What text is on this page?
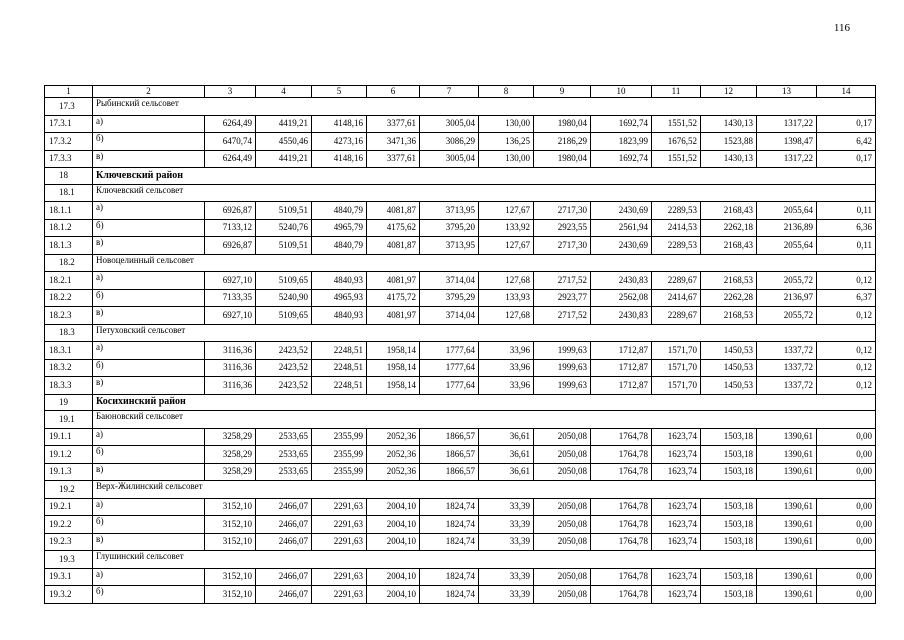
116
1	2	3	4	5	6	7	8	9	10	11	12	13	14
17.3	Рыбинский сельсовет												
17.3.1	а)	6264,49	4419,21	4148,16	3377,61	3005,04	130,00	1980,04	1692,74	1551,52	1430,13	1317,22	0,17
17.3.2	б)	6470,74	4550,46	4273,16	3471,36	3086,29	136,25	2186,29	1823,99	1676,52	1523,88	1398,47	6,42
17.3.3	в)	6264,49	4419,21	4148,16	3377,61	3005,04	130,00	1980,04	1692,74	1551,52	1430,13	1317,22	0,17
18	Ключевский район												
18.1	Ключевский сельсовет												
18.1.1	а)	6926,87	5109,51	4840,79	4081,87	3713,95	127,67	2717,30	2430,69	2289,53	2168,43	2055,64	0,11
18.1.2	б)	7133,12	5240,76	4965,79	4175,62	3795,20	133,92	2923,55	2561,94	2414,53	2262,18	2136,89	6,36
18.1.3	в)	6926,87	5109,51	4840,79	4081,87	3713,95	127,67	2717,30	2430,69	2289,53	2168,43	2055,64	0,11
18.2	Новоцелинный сельсовет												
18.2.1	а)	6927,10	5109,65	4840,93	4081,97	3714,04	127,68	2717,52	2430,83	2289,67	2168,53	2055,72	0,12
18.2.2	б)	7133,35	5240,90	4965,93	4175,72	3795,29	133,93	2923,77	2562,08	2414,67	2262,28	2136,97	6,37
18.2.3	в)	6927,10	5109,65	4840,93	4081,97	3714,04	127,68	2717,52	2430,83	2289,67	2168,53	2055,72	0,12
18.3	Петуховский сельсовет												
18.3.1	а)	3116,36	2423,52	2248,51	1958,14	1777,64	33,96	1999,63	1712,87	1571,70	1450,53	1337,72	0,12
18.3.2	б)	3116,36	2423,52	2248,51	1958,14	1777,64	33,96	1999,63	1712,87	1571,70	1450,53	1337,72	0,12
18.3.3	в)	3116,36	2423,52	2248,51	1958,14	1777,64	33,96	1999,63	1712,87	1571,70	1450,53	1337,72	0,12
19	Косихинский район												
19.1	Баюновский сельсовет												
19.1.1	а)	3258,29	2533,65	2355,99	2052,36	1866,57	36,61	2050,08	1764,78	1623,74	1503,18	1390,61	0,00
19.1.2	б)	3258,29	2533,65	2355,99	2052,36	1866,57	36,61	2050,08	1764,78	1623,74	1503,18	1390,61	0,00
19.1.3	в)	3258,29	2533,65	2355,99	2052,36	1866,57	36,61	2050,08	1764,78	1623,74	1503,18	1390,61	0,00
19.2	Верх-Жилинский сельсовет												
19.2.1	а)	3152,10	2466,07	2291,63	2004,10	1824,74	33,39	2050,08	1764,78	1623,74	1503,18	1390,61	0,00
19.2.2	б)	3152,10	2466,07	2291,63	2004,10	1824,74	33,39	2050,08	1764,78	1623,74	1503,18	1390,61	0,00
19.2.3	в)	3152,10	2466,07	2291,63	2004,10	1824,74	33,39	2050,08	1764,78	1623,74	1503,18	1390,61	0,00
19.3	Глушинский сельсовет												
19.3.1	а)	3152,10	2466,07	2291,63	2004,10	1824,74	33,39	2050,08	1764,78	1623,74	1503,18	1390,61	0,00
19.3.2	б)	3152,10	2466,07	2291,63	2004,10	1824,74	33,39	2050,08	1764,78	1623,74	1503,18	1390,61	0,00
